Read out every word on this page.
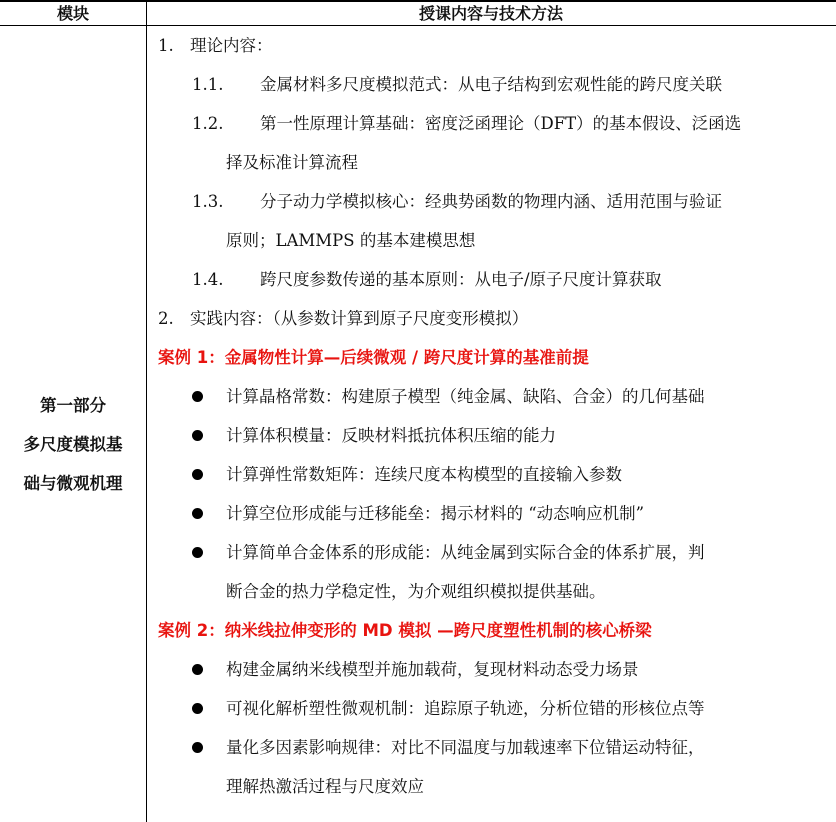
模块	授课内容与技术方法
第一部分
多尺度模拟基
础与微观机理
1. 理论内容：
1.1. 金属材料多尺度模拟范式：从电子结构到宏观性能的跨尺度关联
1.2. 第一性原理计算基础：密度泛函理论（DFT）的基本假设、泛函选
择及标准计算流程
1.3. 分子动力学模拟核心：经典势函数的物理内涵、适用范围与验证
原则；LAMMPS 的基本建模思想
1.4. 跨尺度参数传递的基本原则：从电子/原子尺度计算获取
2. 实践内容：（从参数计算到原子尺度变形模拟）
案例 1：金属物性计算—后续微观 / 跨尺度计算的基准前提
计算晶格常数：构建原子模型（纯金属、缺陷、合金）的几何基础
计算体积模量：反映材料抵抗体积压缩的能力
计算弹性常数矩阵：连续尺度本构模型的直接输入参数
计算空位形成能与迁移能垒：揭示材料的 “动态响应机制”
计算简单合金体系的形成能：从纯金属到实际合金的体系扩展，判
断合金的热力学稳定性，为介观组织模拟提供基础。
案例 2：纳米线拉伸变形的 MD 模拟 —跨尺度塑性机制的核心桥梁
构建金属纳米线模型并施加载荷，复现材料动态受力场景
可视化解析塑性微观机制：追踪原子轨迹，分析位错的形核位点等
量化多因素影响规律：对比不同温度与加载速率下位错运动特征，
理解热激活过程与尺度效应
